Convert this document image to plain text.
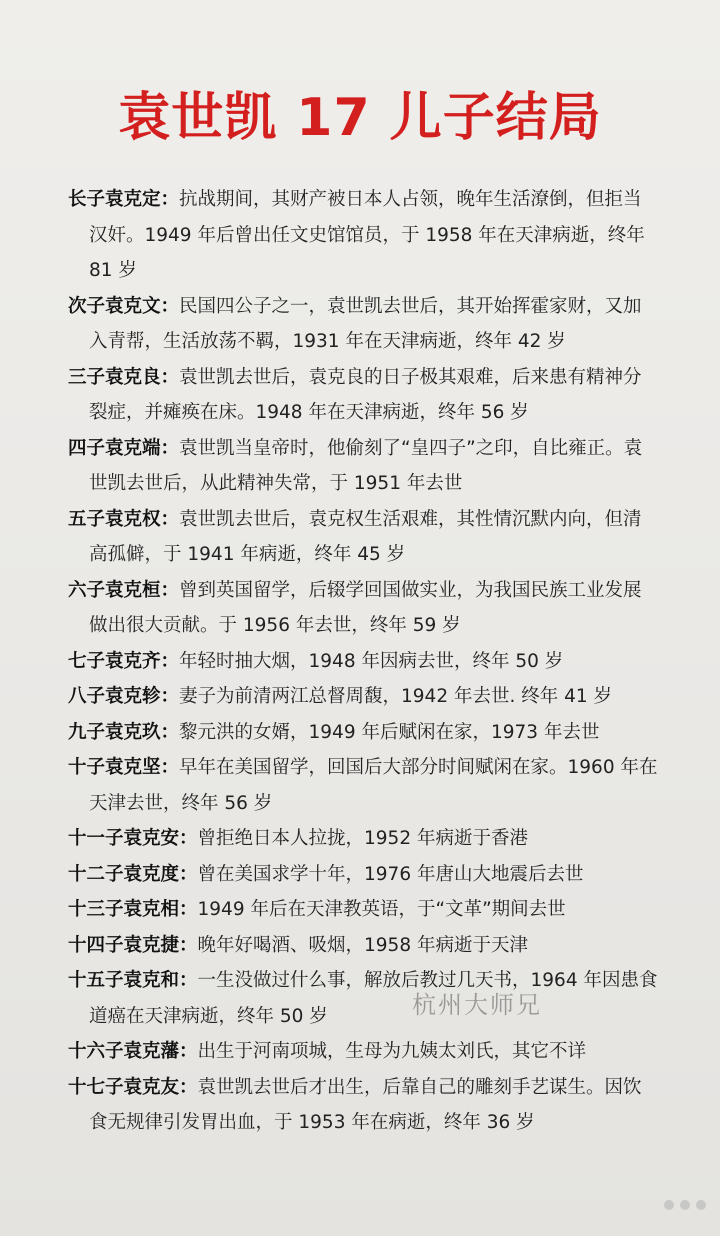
袁世凯 17 儿子结局
长子袁克定：抗战期间，其财产被日本人占领，晚年生活潦倒，但拒当汉奸。1949 年后曾出任文史馆馆员，于 1958 年在天津病逝，终年 81 岁
次子袁克文：民国四公子之一，袁世凯去世后，其开始挥霍家财，又加入青帮，生活放荡不羁，1931 年在天津病逝，终年 42 岁
三子袁克良：袁世凯去世后，袁克良的日子极其艰难，后来患有精神分裂症，并瘫痪在床。1948 年在天津病逝，终年 56 岁
四子袁克端：袁世凯当皇帝时，他偷刻了“皇四子”之印，自比雍正。袁世凯去世后，从此精神失常，于 1951 年去世
五子袁克权：袁世凯去世后，袁克权生活艰难，其性情沉默内向，但清高孤僻，于 1941 年病逝，终年 45 岁
六子袁克桓：曾到英国留学，后辍学回国做实业，为我国民族工业发展做出很大贡献。于 1956 年去世，终年 59 岁
七子袁克齐：年轻时抽大烟，1948 年因病去世，终年 50 岁
八子袁克轸：妻子为前清两江总督周馥，1942 年去世. 终年 41 岁
九子袁克玖：黎元洪的女婿，1949 年后赋闲在家，1973 年去世
十子袁克坚：早年在美国留学，回国后大部分时间赋闲在家。1960 年在天津去世，终年 56 岁
十一子袁克安：曾拒绝日本人拉拢，1952 年病逝于香港
十二子袁克度：曾在美国求学十年，1976 年唐山大地震后去世
十三子袁克相：1949 年后在天津教英语，于“文革”期间去世
十四子袁克捷：晚年好喝酒、吸烟，1958 年病逝于天津
十五子袁克和：一生没做过什么事，解放后教过几天书，1964 年因患食道癌在天津病逝，终年 50 岁
十六子袁克藩：出生于河南项城，生母为九姨太刘氏，其它不详
十七子袁克友：袁世凯去世后才出生，后靠自己的雕刻手艺谋生。因饮食无规律引发胃出血，于 1953 年在病逝，终年 36 岁
杭州大师兄
